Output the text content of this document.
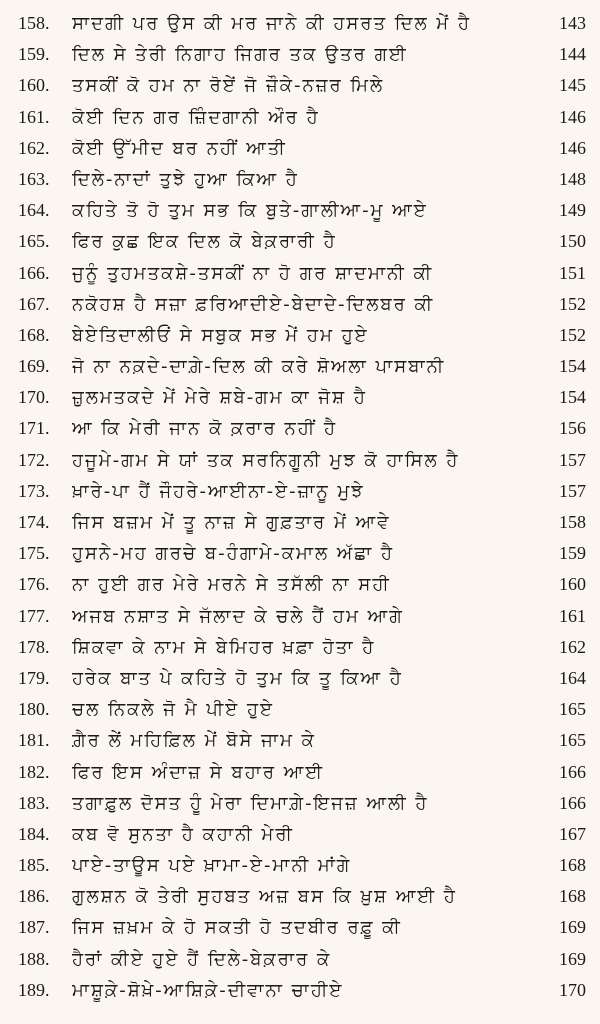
158.	ਸਾਦਗੀ ਪਰ ਉਸ ਕੀ ਮਰ ਜਾਨੇ ਕੀ ਹਸਰਤ ਦਿਲ ਮੇਂ ਹੈ	143
159.	ਦਿਲ ਸੇ ਤੇਰੀ ਨਿਗਾਹ ਜਿਗਰ ਤਕ ਉਤਰ ਗਈ	144
160.	ਤਸਕੀਂ ਕੋ ਹਮ ਨਾ ਰੋਏਂ ਜੋ ਜ਼ੌਕੇ-ਨਜ਼ਰ ਮਿਲੇ	145
161.	ਕੋਈ ਦਿਨ ਗਰ ਜ਼ਿੰਦਗਾਨੀ ਔਰ ਹੈ	146
162.	ਕੋਈ ਉੱਮੀਦ ਬਰ ਨਹੀਂ ਆਤੀ	146
163.	ਦਿਲੇ-ਨਾਦਾਂ ਤੁਝੇ ਹੁਆ ਕਿਆ ਹੈ	148
164.	ਕਹਿਤੇ ਤੋ ਹੋ ਤੁਮ ਸਭ ਕਿ ਬੁਤੇ-ਗਾਲੀਆ-ਮੂ ਆਏ	149
165.	ਫਿਰ ਕੁਛ ਇਕ ਦਿਲ ਕੋ ਬੇਕ਼ਰਾਰੀ ਹੈ	150
166.	ਜੁਨੂੰ ਤੁਹਮਤਕਸ਼ੇ-ਤਸਕੀਂ ਨਾ ਹੋ ਗਰ ਸ਼ਾਦਮਾਨੀ ਕੀ	151
167.	ਨਕੋਹਸ਼ ਹੈ ਸਜ਼ਾ ਫ਼ਰਿਆਦੀਏ-ਬੇਦਾਦੇ-ਦਿਲਬਰ ਕੀ	152
168.	ਬੇਏਤਿਦਾਲੀਓਂ ਸੇ ਸਬੁਕ ਸਭ ਮੇਂ ਹਮ ਹੁਏ	152
169.	ਜੋ ਨਾ ਨਕ਼ਦੇ-ਦਾਗ਼ੇ-ਦਿਲ ਕੀ ਕਰੇ ਸ਼ੋਅਲਾ ਪਾਸਬਾਨੀ	154
170.	ਜ਼ੁਲਮਤਕਦੇ ਮੇਂ ਮੇਰੇ ਸ਼ਬੇ-ਗਮ ਕਾ ਜੋਸ਼ ਹੈ	154
171.	ਆ ਕਿ ਮੇਰੀ ਜਾਨ ਕੋ ਕ਼ਰਾਰ ਨਹੀਂ ਹੈ	156
172.	ਹਜੂਮੇ-ਗਮ ਸੇ ਯਾਂ ਤਕ ਸਰਨਿਗੂਨੀ ਮੁਝ ਕੋ ਹਾਸਿਲ ਹੈ	157
173.	ਖ਼ਾਰੇ-ਪਾ ਹੈਂ ਜੌਹਰੇ-ਆਈਨਾ-ਏ-ਜ਼ਾਨੂ ਮੁਝੇ	157
174.	ਜਿਸ ਬਜ਼ਮ ਮੇਂ ਤੂ ਨਾਜ਼ ਸੇ ਗੁਫ਼ਤਾਰ ਮੇਂ ਆਵੇ	158
175.	ਹੁਸਨੇ-ਮਹ ਗਰਚੇ ਬ-ਹੰਗਾਮੇ-ਕਮਾਲ ਅੱਛਾ ਹੈ	159
176.	ਨਾ ਹੁਈ ਗਰ ਮੇਰੇ ਮਰਨੇ ਸੇ ਤਸੱਲੀ ਨਾ ਸਹੀ	160
177.	ਅਜਬ ਨਸ਼ਾਤ ਸੇ ਜੱਲਾਦ ਕੇ ਚਲੇ ਹੈਂ ਹਮ ਆਗੇ	161
178.	ਸ਼ਿਕਵਾ ਕੇ ਨਾਮ ਸੇ ਬੇਮਿਹਰ ਖ਼ਫ਼ਾ ਹੋਤਾ ਹੈ	162
179.	ਹਰੇਕ ਬਾਤ ਪੇ ਕਹਿਤੇ ਹੋ ਤੁਮ ਕਿ ਤੂ ਕਿਆ ਹੈ	164
180.	ਚਲ ਨਿਕਲੇ ਜੋ ਮੈ ਪੀਏ ਹੁਏ	165
181.	ਗ਼ੈਰ ਲੇਂ ਮਹਿਫ਼ਿਲ ਮੇਂ ਬੋਸੇ ਜਾਮ ਕੇ	165
182.	ਫਿਰ ਇਸ ਅੰਦਾਜ਼ ਸੇ ਬਹਾਰ ਆਈ	166
183.	ਤਗਾਫ਼ੁਲ ਦੋਸਤ ਹੂੰ ਮੇਰਾ ਦਿਮਾਗ਼ੇ-ਇਜਜ਼ ਆਲੀ ਹੈ	166
184.	ਕਬ ਵੋ ਸੁਨਤਾ ਹੈ ਕਹਾਨੀ ਮੇਰੀ	167
185.	ਪਾਏ-ਤਾਊਸ ਪਏ ਖ਼ਾਮਾ-ਏ-ਮਾਨੀ ਮਾਂਗੇ	168
186.	ਗੁਲਸ਼ਨ ਕੋ ਤੇਰੀ ਸੁਹਬਤ ਅਜ਼ ਬਸ ਕਿ ਖ਼ੁਸ਼ ਆਈ ਹੈ	168
187.	ਜਿਸ ਜ਼ਖ਼ਮ ਕੇ ਹੋ ਸਕਤੀ ਹੋ ਤਦਬੀਰ ਰਫ਼ੂ ਕੀ	169
188.	ਹੈਰਾਂ ਕੀਏ ਹੁਏ ਹੈਂ ਦਿਲੇ-ਬੇਕ਼ਰਾਰ ਕੇ	169
189.	ਮਾਸ਼ੂਕ਼ੇ-ਸ਼ੋਖ਼ੇ-ਆਸ਼ਿਕ਼ੇ-ਦੀਵਾਨਾ ਚਾਹੀਏ	170
